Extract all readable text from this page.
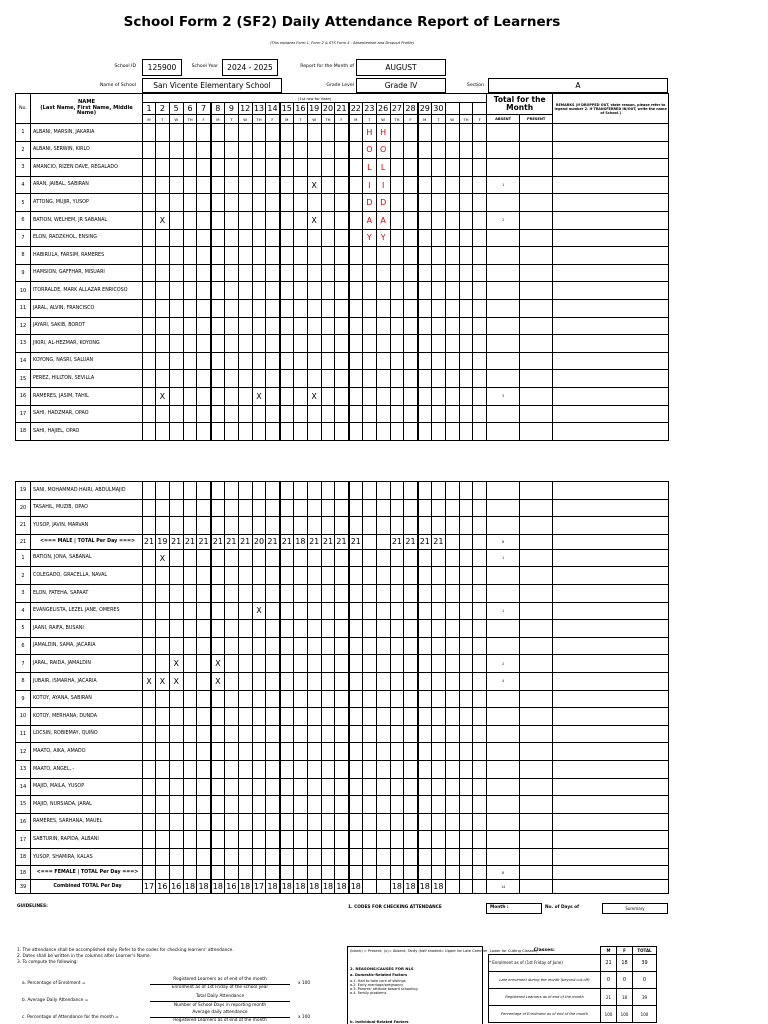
School Form 2 (SF2) Daily Attendance Report of Learners
(This replaces Form 1, Form 2 & STS Form 4 - Absenteeism and Dropout Profile)
School ID	125900	School Year	2024 - 2025	Report for the Month of	AUGUST
Name of School	San Vicente Elementary School	Grade Level	Grade IV	Section	A
No.	NAME
(Last Name, First Name, Middle Name)	(1st row for date)																									Total for the Month		REMARKS (If DROPPED OUT, state reason, please refer to legend number 2. If TRANSFERRED IN/OUT, write the name of School.)
		1	2	5	6	7	8	9	12	13	14	15	16	19	20	21	22	23	26	27	28	29	30						
		M	T	W	TH	F	M	T	W	TH	F	M	T	W	TH	F	M	T	W	TH	F	M	T	W	TH	F	ABSENT	PRESENT	
1	ALBANI, MARSIN, JAKARIA																	H	H										
2	ALBANI, SERWIN, KIRLO																	O	O										
3	AMANCIO, RIZEN DAVE, REGALADO																	L	L										
4	ARAN, JAIBAL, SABIRAN													X				I	I								1		
5	ATTONG, MUJIR, YUSOP																	D	D										
6	BATION, WELHEM, JR SABANAL		X											X				A	A								2		
7	ELON, RADZKHOL, ENSING																	Y	Y										
8	HABIRULA, FARSIM, RAMERES																												
9	HAMSION, GAFFHAR, MISUARI																												
10	ITORRALDE, MARK ALLAZAR ENRICOSO																												
11	JARAL, ALVIN, FRANCISCO																												
12	JAYARI, SAKIB, BOROT																												
13	JIKIRI, AL-HEZMAR, KOYONG																												
14	KOYONG, NASRI, SALUAN																												
15	PEREZ, HILLTON, SEVILLA																												
16	RAMERES, JASIM, TAHIL		X							X				X													3		
17	SAHI, HADZMAR, OPAO																												
18	SAHI, HAJIEL, OPAO																												
19	SANI, MOHAMMAD HAIRI, ABDULMAJID																												
20	TASAHIL, MUZIB, OPAO																												
21	YUSOP, JAVIN, MARVAN																												
21	<=== MALE | TOTAL Per Day ===>	21	19	21	21	21	21	21	21	20	21	21	18	21	21	21	21			21	21	21	21				6		
1	BATION, JONA, SABANAL		X																								1		
2	COLEGADO, GRACELLA, NAVAL																												
3	ELON, FATEHA, SAPAAT																												
4	EVANGELISTA, LEZEL JANE, OMERES									X																	1		
5	JAANI, RAIFA, BUSANI																												
6	JAMALDIN, SAMA, JACARIA																												
7	JARAL, RAIDA, JAMALDIN			X			X																				2		
8	JUBAIR, ISMARHA, JACARIA	X	X	X			X																				4		
9	KOTOY, AYANA, SABIRAN																												
10	KOTOY, MERHANA, DUNDA																												
11	LOCSIN, ROBIEMAY, QUIÑO																												
12	MAATO, AIKA, AMADO																												
13	MAATO, ANGEL, -																												
14	MAJID, MAILA, YUSOP																												
15	MAJID, NURSIADA, JARAL																												
16	RAMERES, SARHANA, MAUEL																												
17	SABTURIN, RAPIDA, ALBANI																												
18	YUSOP, SHAMIRA, KALAS																												
18	<=== FEMALE | TOTAL Per Day ===>																										8		
39	Combined TOTAL Per Day	17	16	16	18	18	18	16	18	17	18	18	18	18	18	18	18			18	18	18	18				14		
GUIDELINES:	1. CODES FOR CHECKING ATTENDANCE	Month :	No. of Days of	Summary
1. The attendance shall be accomplished daily. Refer to the codes for checking learners' attendance.
2. Dates shall be written in the columns after Learner's Name.
3. To compute the following:
a. Percentage of Enrolment =
Registered Learners as of end of the month
Enrolment as of 1st Friday of the school year
x 100
b. Average Daily Attendance =
Total Daily Attendance
Number of School Days in reporting month
c. Percentage of Attendance for the month =
Average daily attendance
Registered Learners as of end of the month
x 100
(blank) = Present; (x)= Absent; Tardy (half shaded= Upper for Late Commer, Lower for Cutting Classes)
2. REASONS/CAUSES FOR NLS
a. Domestic-Related Factors
a.1. Had to take care of siblings
a.2. Early marriage/pregnancy
a.3. Parents' attitude toward schooling
a.4. Family problems
b. Individual-Related Factors
Classes:	M	F	TOTAL
* Enrolment as of (1st Friday of June)	21	18	39
Late enrolment during the month (beyond cut-off)	0	0	0
Registered Learners as of end of the month	21	18	39
Percentage of Enrolment as of end of the month	100	100	100
